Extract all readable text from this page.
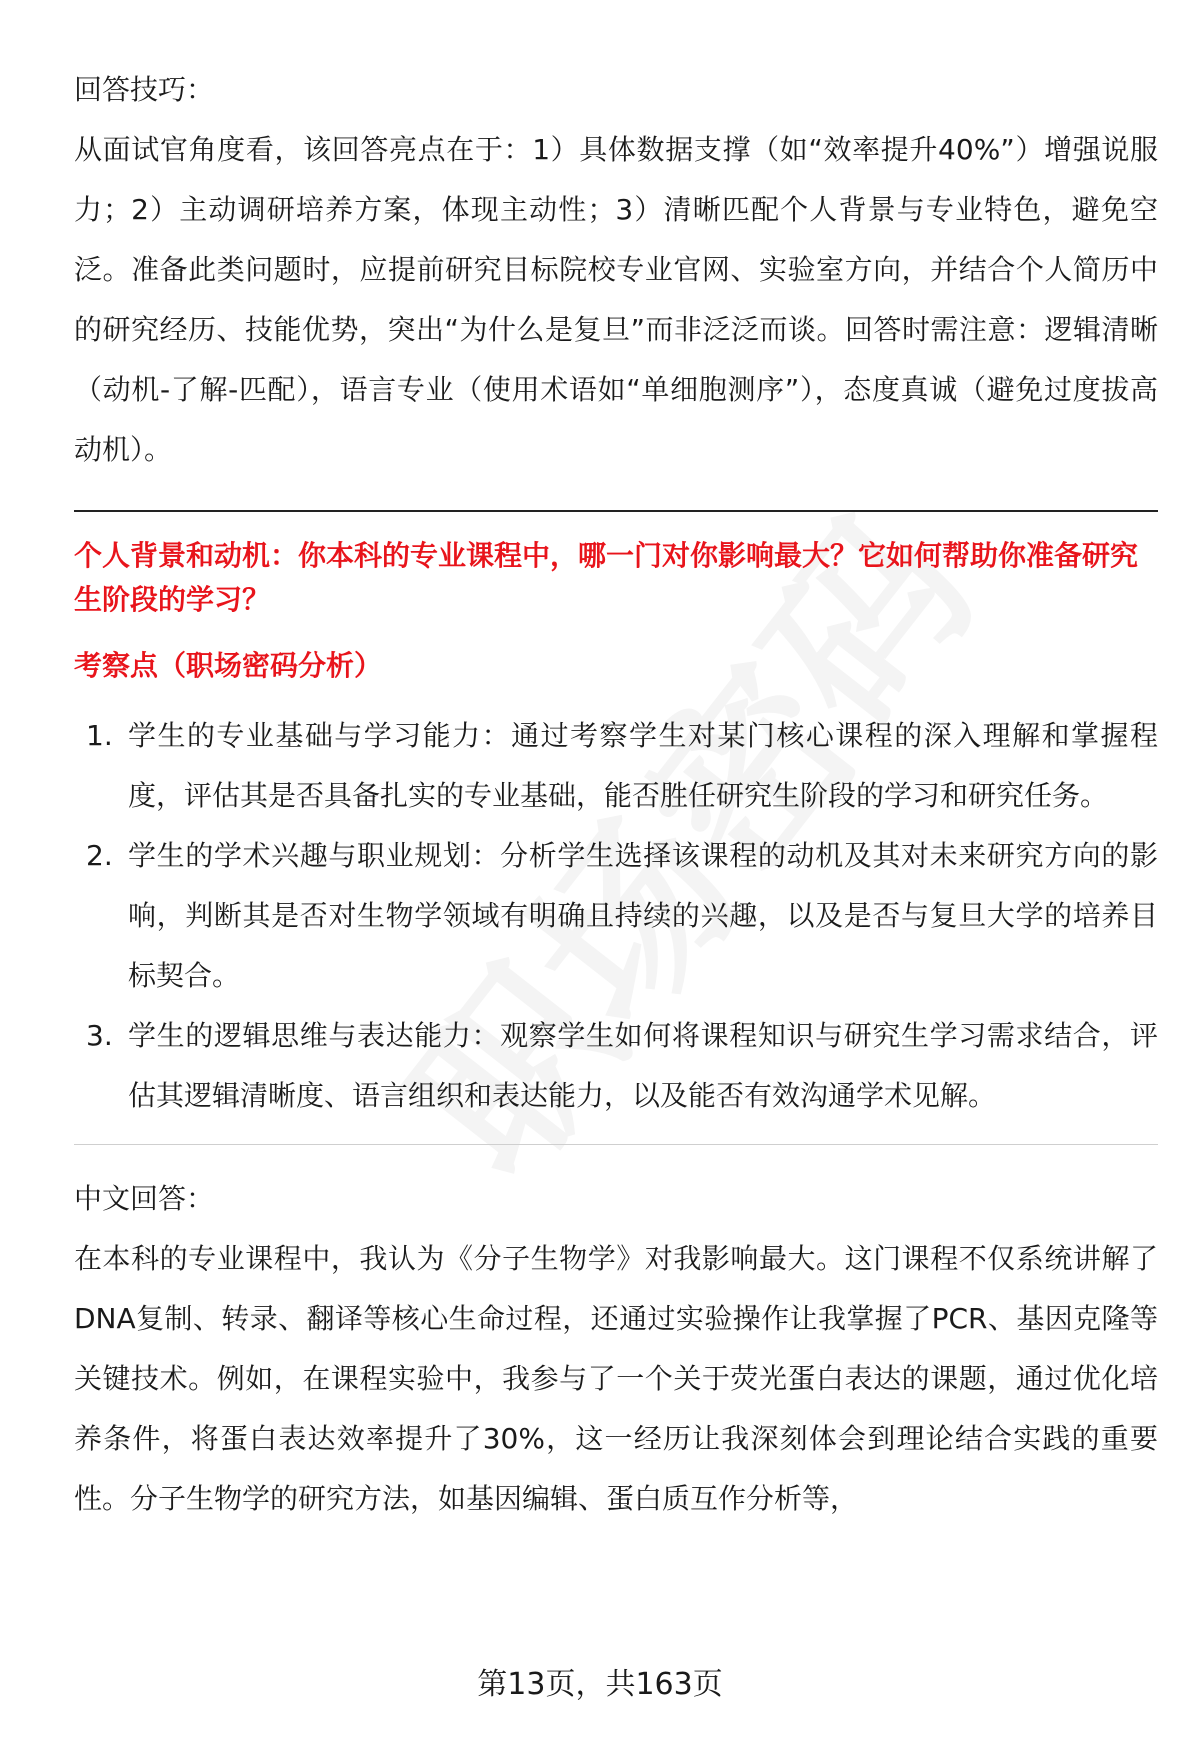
回答技巧：

从面试官角度看，该回答亮点在于：1）具体数据支撑（如“效率提升40%”）增强说服力；2）主动调研培养方案，体现主动性；3）清晰匹配个人背景与专业特色，避免空泛。准备此类问题时，应提前研究目标院校专业官网、实验室方向，并结合个人简历中的研究经历、技能优势，突出“为什么是复旦”而非泛泛而谈。回答时需注意：逻辑清晰（动机-了解-匹配），语言专业（使用术语如“单细胞测序”），态度真诚（避免过度拔高动机）。

个人背景和动机：你本科的专业课程中，哪一门对你影响最大？它如何帮助你准备研究生阶段的学习？

考察点（职场密码分析）

1. 学生的专业基础与学习能力：通过考察学生对某门核心课程的深入理解和掌握程度，评估其是否具备扎实的专业基础，能否胜任研究生阶段的学习和研究任务。
2. 学生的学术兴趣与职业规划：分析学生选择该课程的动机及其对未来研究方向的影响，判断其是否对生物学领域有明确且持续的兴趣，以及是否与复旦大学的培养目标契合。
3. 学生的逻辑思维与表达能力：观察学生如何将课程知识与研究生学习需求结合，评估其逻辑清晰度、语言组织和表达能力，以及能否有效沟通学术见解。

中文回答：

在本科的专业课程中，我认为《分子生物学》对我影响最大。这门课程不仅系统讲解了DNA复制、转录、翻译等核心生命过程，还通过实验操作让我掌握了PCR、基因克隆等关键技术。例如，在课程实验中，我参与了一个关于荧光蛋白表达的课题，通过优化培养条件，将蛋白表达效率提升了30%，这一经历让我深刻体会到理论结合实践的重要性。分子生物学的研究方法，如基因编辑、蛋白质互作分析等，

第13页，共163页
